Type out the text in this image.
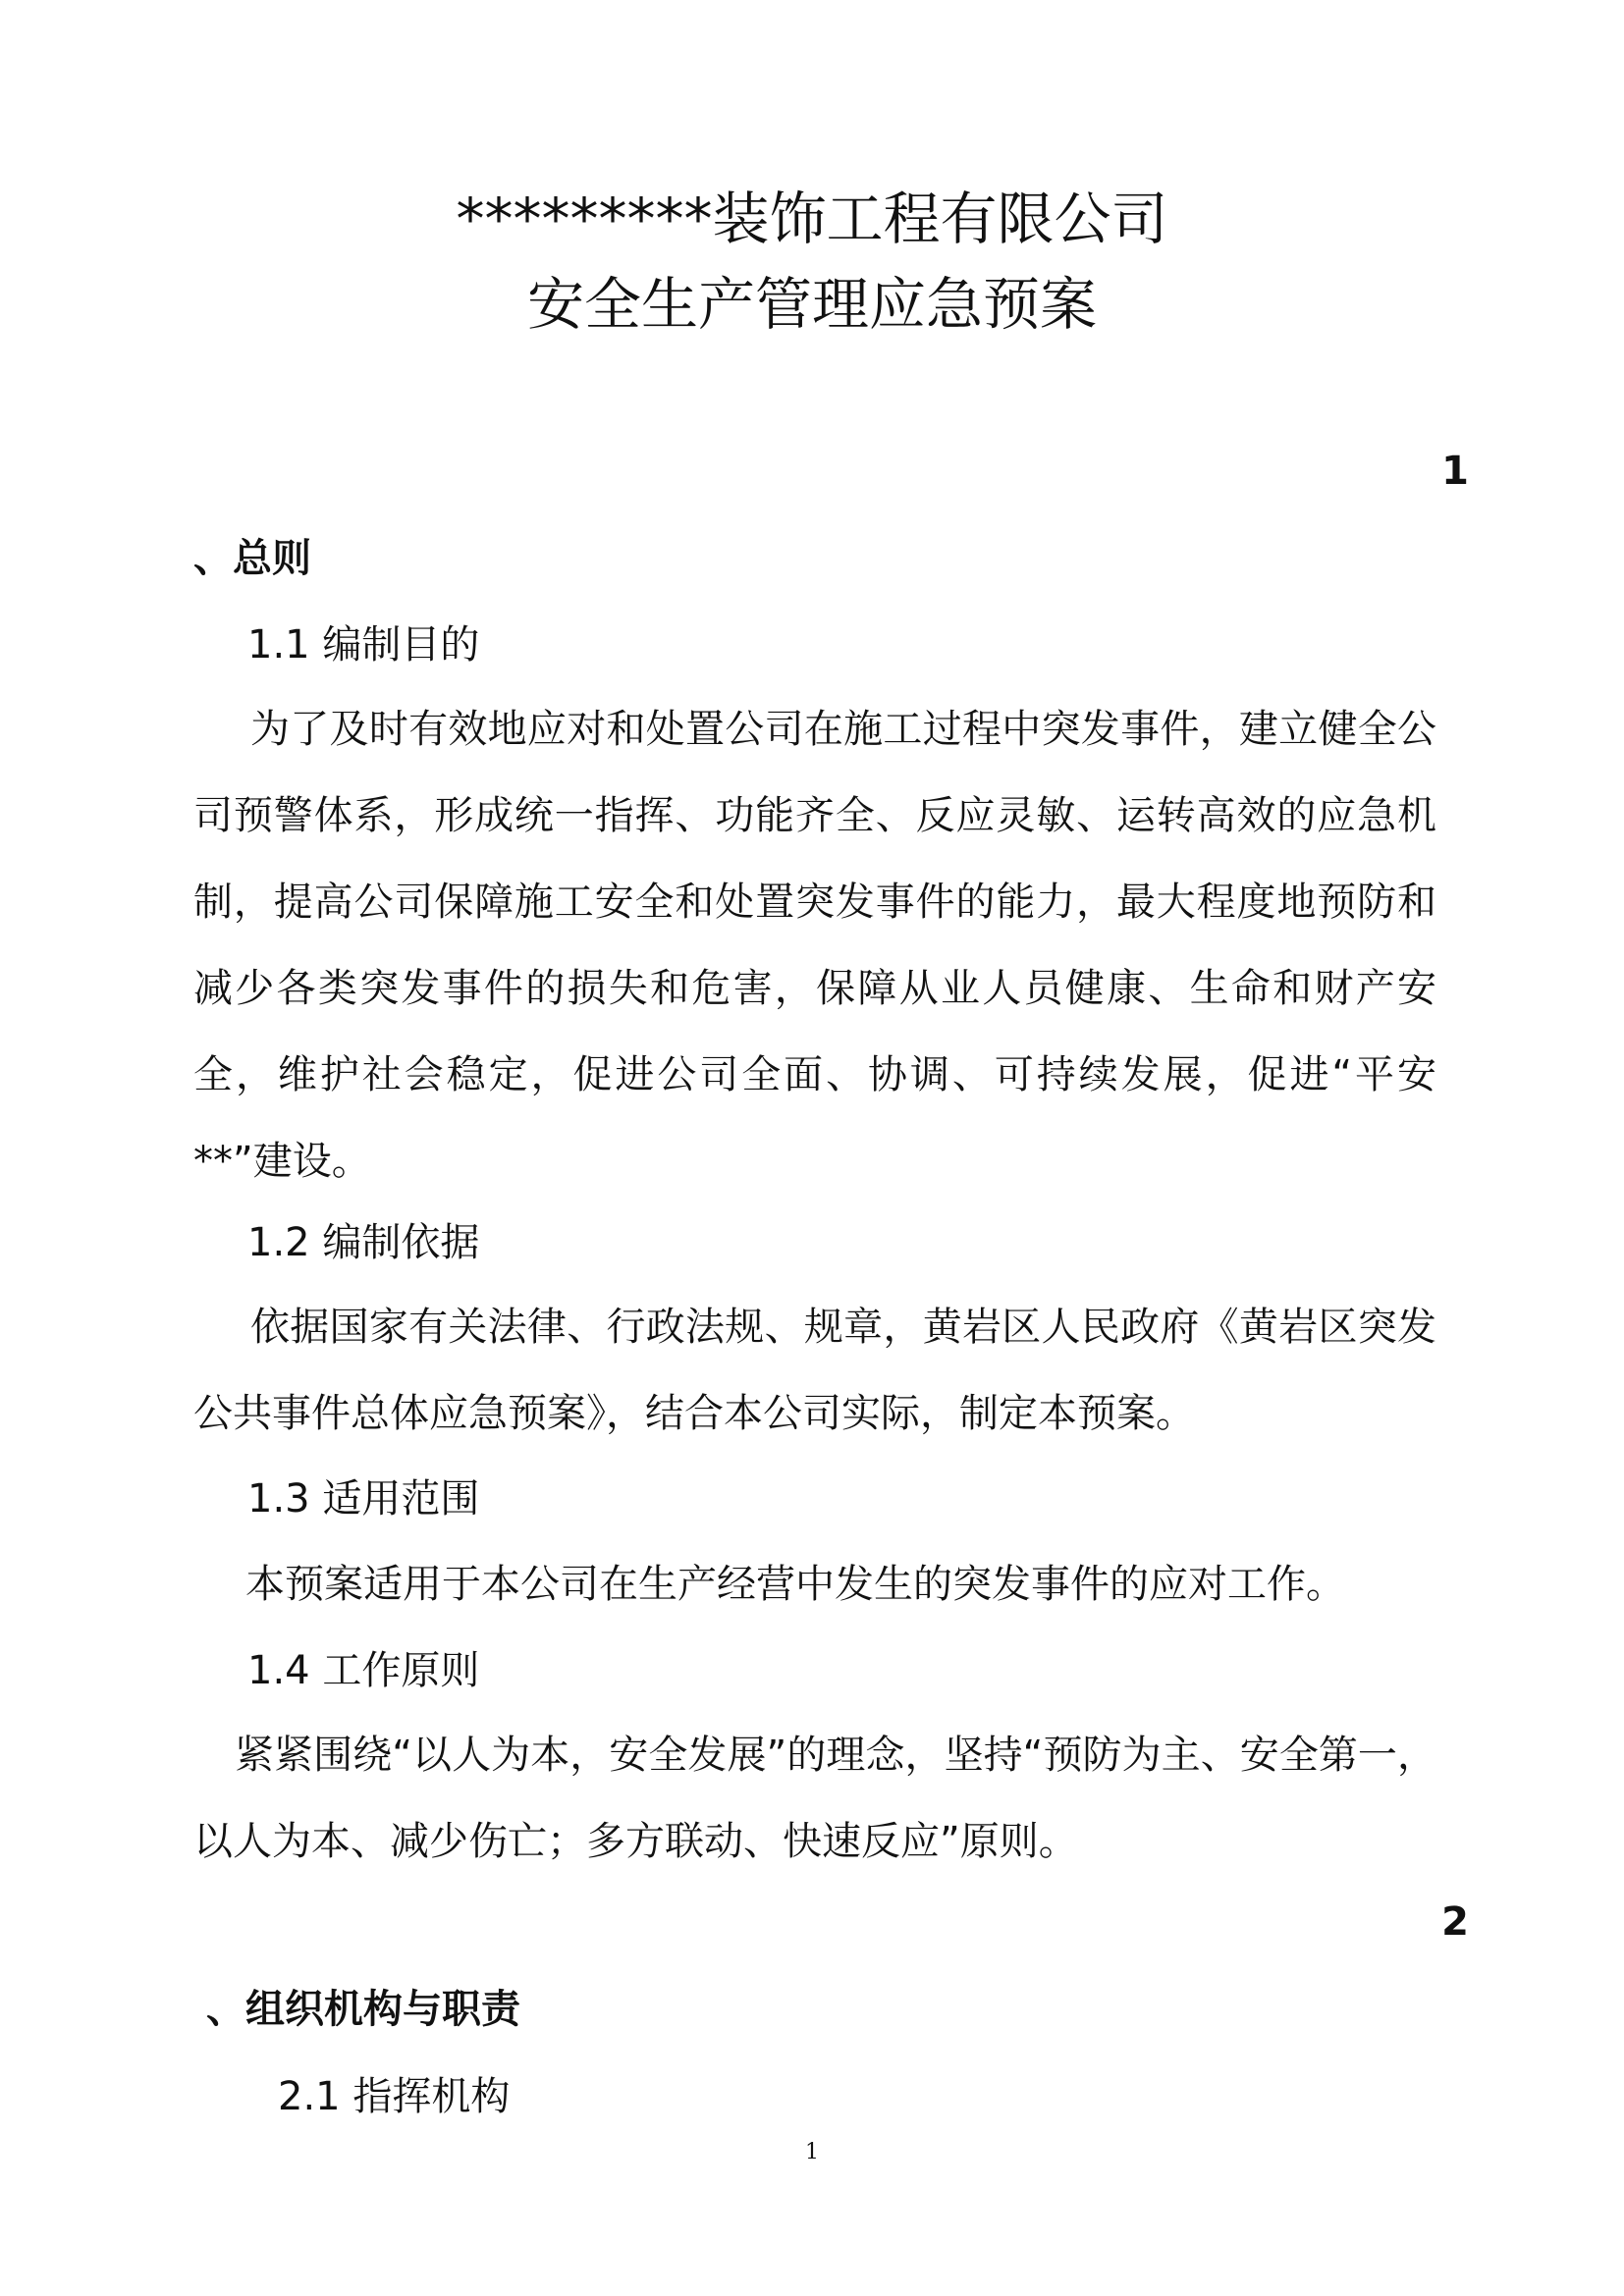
*********装饰工程有限公司
安全生产管理应急预案
1
、总则
1.1 编制目的

为了及时有效地应对和处置公司在施工过程中突发事件，建立健全公司预警体系，形成统一指挥、功能齐全、反应灵敏、运转高效的应急机制，提高公司保障施工安全和处置突发事件的能力，最大程度地预防和减少各类突发事件的损失和危害，保障从业人员健康、生命和财产安全，维护社会稳定，促进公司全面、协调、可持续发展，促进“平安**”建设。

1.2 编制依据

依据国家有关法律、行政法规、规章，黄岩区人民政府《黄岩区突发公共事件总体应急预案》，结合本公司实际，制定本预案。

1.3 适用范围
本预案适用于本公司在生产经营中发生的突发事件的应对工作。
1.4 工作原则

紧紧围绕“以人为本，安全发展”的理念，坚持“预防为主、安全第一，以人为本、减少伤亡；多方联动、快速反应”原则。

2
、组织机构与职责
2.1 指挥机构
1
